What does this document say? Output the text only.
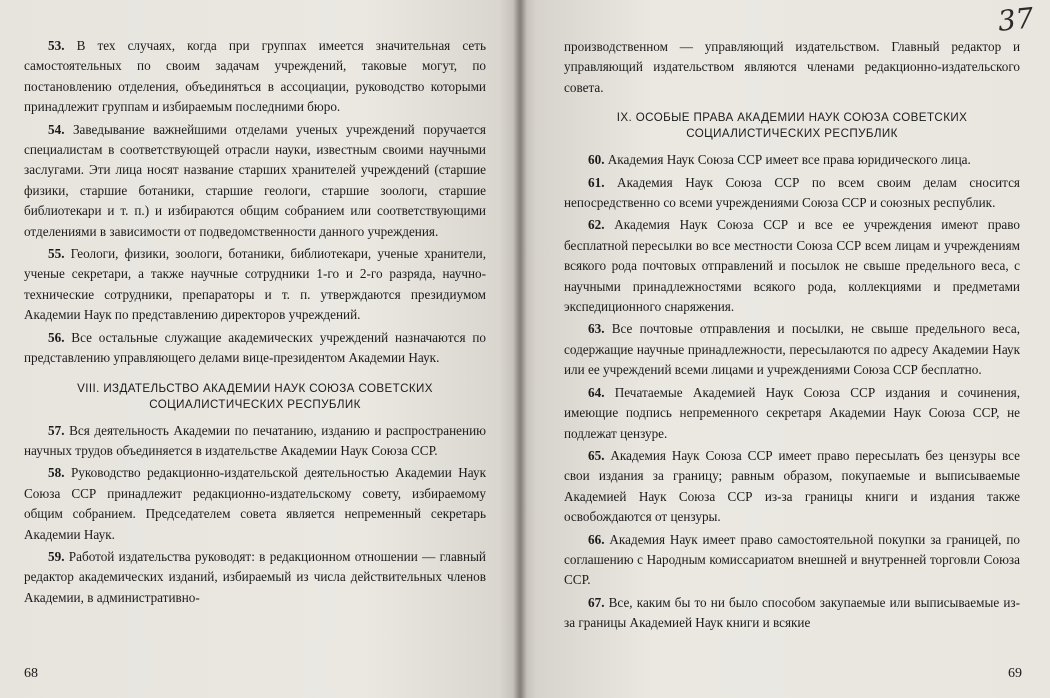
53. В тех случаях, когда при группах имеется значительная сеть самостоятельных по своим задачам учреждений, таковые могут, по постановлению отделения, объединяться в ассоциации, руководство которыми принадлежит группам и избираемым последними бюро.

54. Заведывание важнейшими отделами ученых учреждений поручается специалистам в соответствующей отрасли науки, известным своими научными заслугами. Эти лица носят название старших хранителей учреждений (старшие физики, старшие ботаники, старшие геологи, старшие зоологи, старшие библиотекари и т. п.) и избираются общим собранием или соответствующими отделениями в зависимости от подведомственности данного учреждения.

55. Геологи, физики, зоологи, ботаники, библиотекари, ученые хранители, ученые секретари, а также научные сотрудники 1-го и 2-го разряда, научно-технические сотрудники, препараторы и т. п. утверждаются президиумом Академии Наук по представлению директоров учреждений.

56. Все остальные служащие академических учреждений назначаются по представлению управляющего делами вице-президентом Академии Наук.

VIII. ИЗДАТЕЛЬСТВО АКАДЕМИИ НАУК СОЮЗА СОВЕТСКИХ СОЦИАЛИСТИЧЕСКИХ РЕСПУБЛИК

57. Вся деятельность Академии по печатанию, изданию и распространению научных трудов объединяется в издательстве Академии Наук Союза ССР.

58. Руководство редакционно-издательской деятельностью Академии Наук Союза ССР принадлежит редакционно-издательскому совету, избираемому общим собранием. Председателем совета является непременный секретарь Академии Наук.

59. Работой издательства руководят: в редакционном отношении — главный редактор академических изданий, избираемый из числа действительных членов Академии, в административно-

68
37

производственном — управляющий издательством. Главный редактор и управляющий издательством являются членами редакционно-издательского совета.

IX. ОСОБЫЕ ПРАВА АКАДЕМИИ НАУК СОЮЗА СОВЕТСКИХ СОЦИАЛИСТИЧЕСКИХ РЕСПУБЛИК

60. Академия Наук Союза ССР имеет все права юридического лица.

61. Академия Наук Союза ССР по всем своим делам сносится непосредственно со всеми учреждениями Союза ССР и союзных республик.

62. Академия Наук Союза ССР и все ее учреждения имеют право бесплатной пересылки во все местности Союза ССР всем лицам и учреждениям всякого рода почтовых отправлений и посылок не свыше предельного веса, с научными принадлежностями всякого рода, коллекциями и предметами экспедиционного снаряжения.

63. Все почтовые отправления и посылки, не свыше предельного веса, содержащие научные принадлежности, пересылаются по адресу Академии Наук или ее учреждений всеми лицами и учреждениями Союза ССР бесплатно.

64. Печатаемые Академией Наук Союза ССР издания и сочинения, имеющие подпись непременного секретаря Академии Наук Союза ССР, не подлежат цензуре.

65. Академия Наук Союза ССР имеет право пересылать без цензуры все свои издания за границу; равным образом, покупаемые и выписываемые Академией Наук Союза ССР из-за границы книги и издания также освобождаются от цензуры.

66. Академия Наук имеет право самостоятельной покупки за границей, по соглашению с Народным комиссариатом внешней и внутренней торговли Союза ССР.

67. Все, каким бы то ни было способом закупаемые или выписываемые из-за границы Академией Наук книги и всякие

69
